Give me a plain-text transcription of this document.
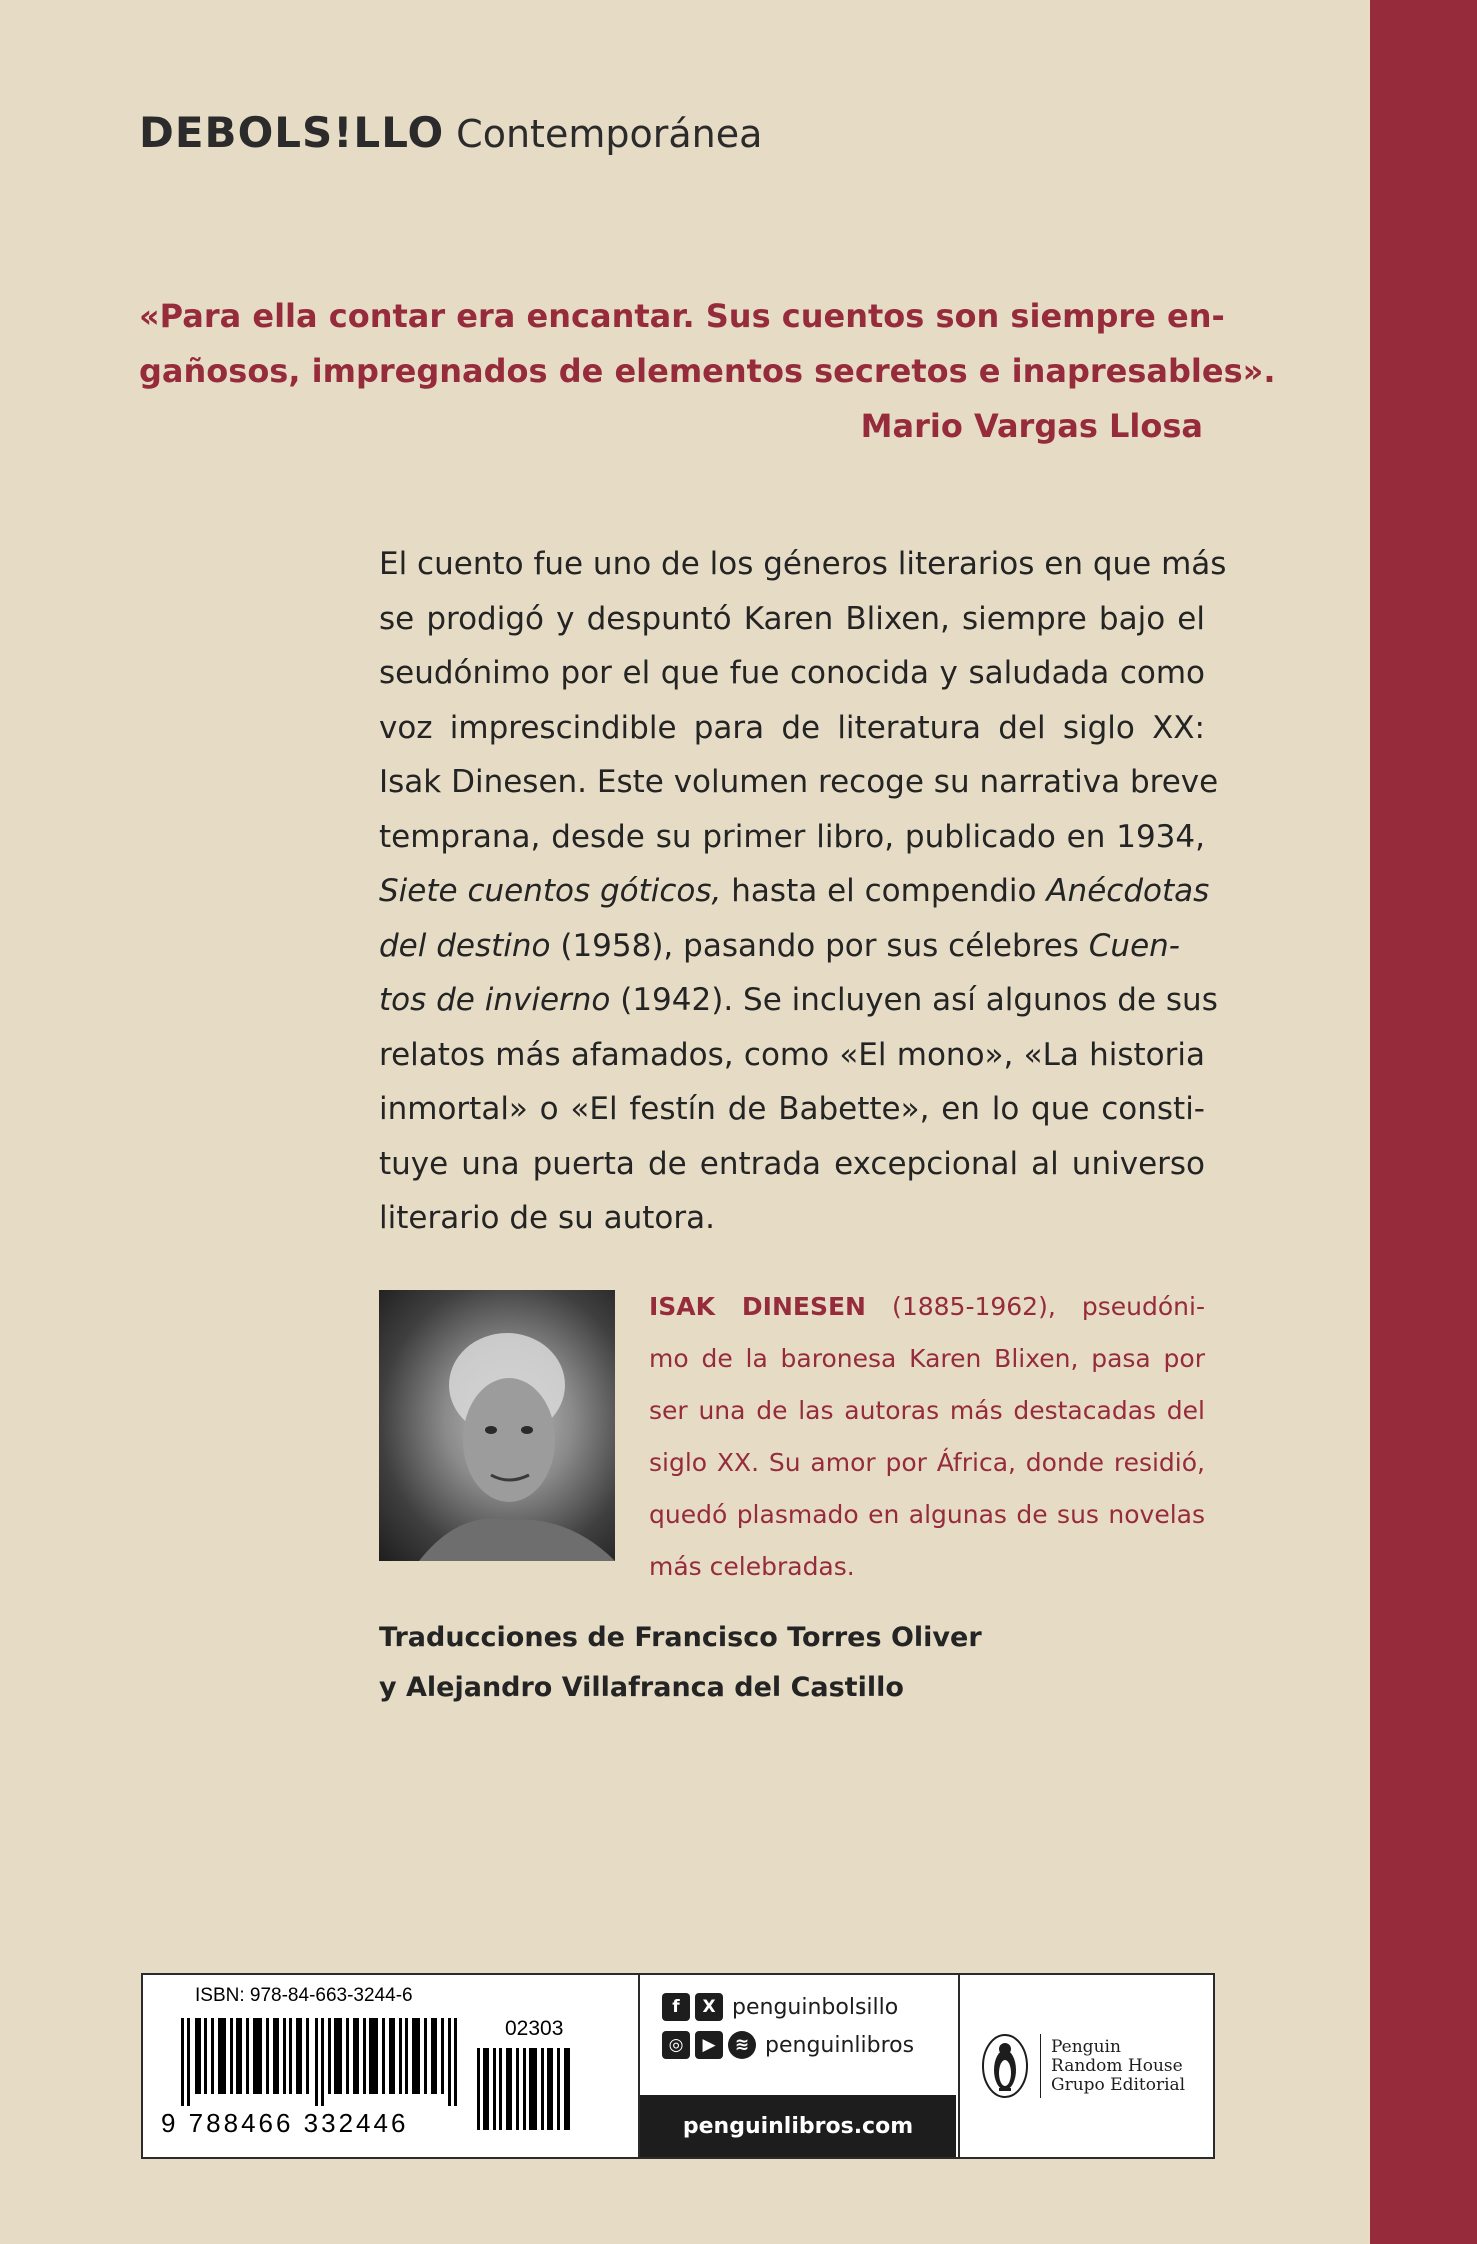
DEBOLS!LLO Contemporánea
«Para ella contar era encantar. Sus cuentos son siempre en-
gañosos, impregnados de elementos secretos e inapresables».
Mario Vargas Llosa
El cuento fue uno de los géneros literarios en que más
se prodigó y despuntó Karen Blixen, siempre bajo el
seudónimo por el que fue conocida y saludada como
voz imprescindible para de literatura del siglo XX:
Isak Dinesen. Este volumen recoge su narrativa breve
temprana, desde su primer libro, publicado en 1934,
Siete cuentos góticos, hasta el compendio Anécdotas
del destino (1958), pasando por sus célebres Cuen-
tos de invierno (1942). Se incluyen así algunos de sus
relatos más afamados, como «El mono», «La historia
inmortal» o «El festín de Babette», en lo que consti-
tuye una puerta de entrada excepcional al universo
literario de su autora.
ISAK DINESEN (1885-1962), pseudóni-
mo de la baronesa Karen Blixen, pasa por
ser una de las autoras más destacadas del
siglo XX. Su amor por África, donde residió,
quedó plasmado en algunas de sus novelas
más celebradas.
Traducciones de Francisco Torres Oliver
y Alejandro Villafranca del Castillo
ISBN: 978-84-663-3244-6
02303
9 788466 332446
f	X penguinbolsillo
◎	▶	≋ penguinlibros
penguinlibros.com
Penguin
Random House
Grupo Editorial
